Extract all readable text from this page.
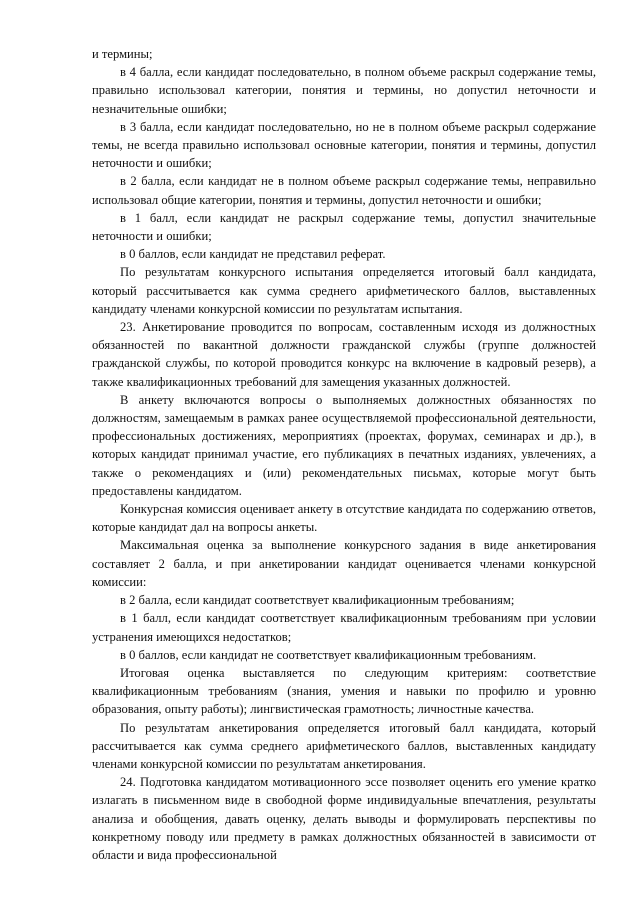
и термины;

в 4 балла, если кандидат последовательно, в полном объеме раскрыл содержание темы, правильно использовал категории, понятия и термины, но допустил неточности и незначительные ошибки;

в 3 балла, если кандидат последовательно, но не в полном объеме раскрыл содержание темы, не всегда правильно использовал основные категории, понятия и термины, допустил неточности и ошибки;

в 2 балла, если кандидат не в полном объеме раскрыл содержание темы, неправильно использовал общие категории, понятия и термины, допустил неточности и ошибки;

в 1 балл, если кандидат не раскрыл содержание темы, допустил значительные неточности и ошибки;

в 0 баллов, если кандидат не представил реферат.

По результатам конкурсного испытания определяется итоговый балл кандидата, который рассчитывается как сумма среднего арифметического баллов, выставленных кандидату членами конкурсной комиссии по результатам испытания.

23. Анкетирование проводится по вопросам, составленным исходя из должностных обязанностей по вакантной должности гражданской службы (группе должностей гражданской службы, по которой проводится конкурс на включение в кадровый резерв), а также квалификационных требований для замещения указанных должностей.

В анкету включаются вопросы о выполняемых должностных обязанностях по должностям, замещаемым в рамках ранее осуществляемой профессиональной деятельности, профессиональных достижениях, мероприятиях (проектах, форумах, семинарах и др.), в которых кандидат принимал участие, его публикациях в печатных изданиях, увлечениях, а также о рекомендациях и (или) рекомендательных письмах, которые могут быть предоставлены кандидатом.

Конкурсная комиссия оценивает анкету в отсутствие кандидата по содержанию ответов, которые кандидат дал на вопросы анкеты.

Максимальная оценка за выполнение конкурсного задания в виде анкетирования составляет 2 балла, и при анкетировании кандидат оценивается членами конкурсной комиссии:

в 2 балла, если кандидат соответствует квалификационным требованиям;

в 1 балл, если кандидат соответствует квалификационным требованиям при условии устранения имеющихся недостатков;

в 0 баллов, если кандидат не соответствует квалификационным требованиям.

Итоговая оценка выставляется по следующим критериям: соответствие квалификационным требованиям (знания, умения и навыки по профилю и уровню образования, опыту работы); лингвистическая грамотность; личностные качества.

По результатам анкетирования определяется итоговый балл кандидата, который рассчитывается как сумма среднего арифметического баллов, выставленных кандидату членами конкурсной комиссии по результатам анкетирования.

24. Подготовка кандидатом мотивационного эссе позволяет оценить его умение кратко излагать в письменном виде в свободной форме индивидуальные впечатления, результаты анализа и обобщения, давать оценку, делать выводы и формулировать перспективы по конкретному поводу или предмету в рамках должностных обязанностей в зависимости от области и вида профессиональной
